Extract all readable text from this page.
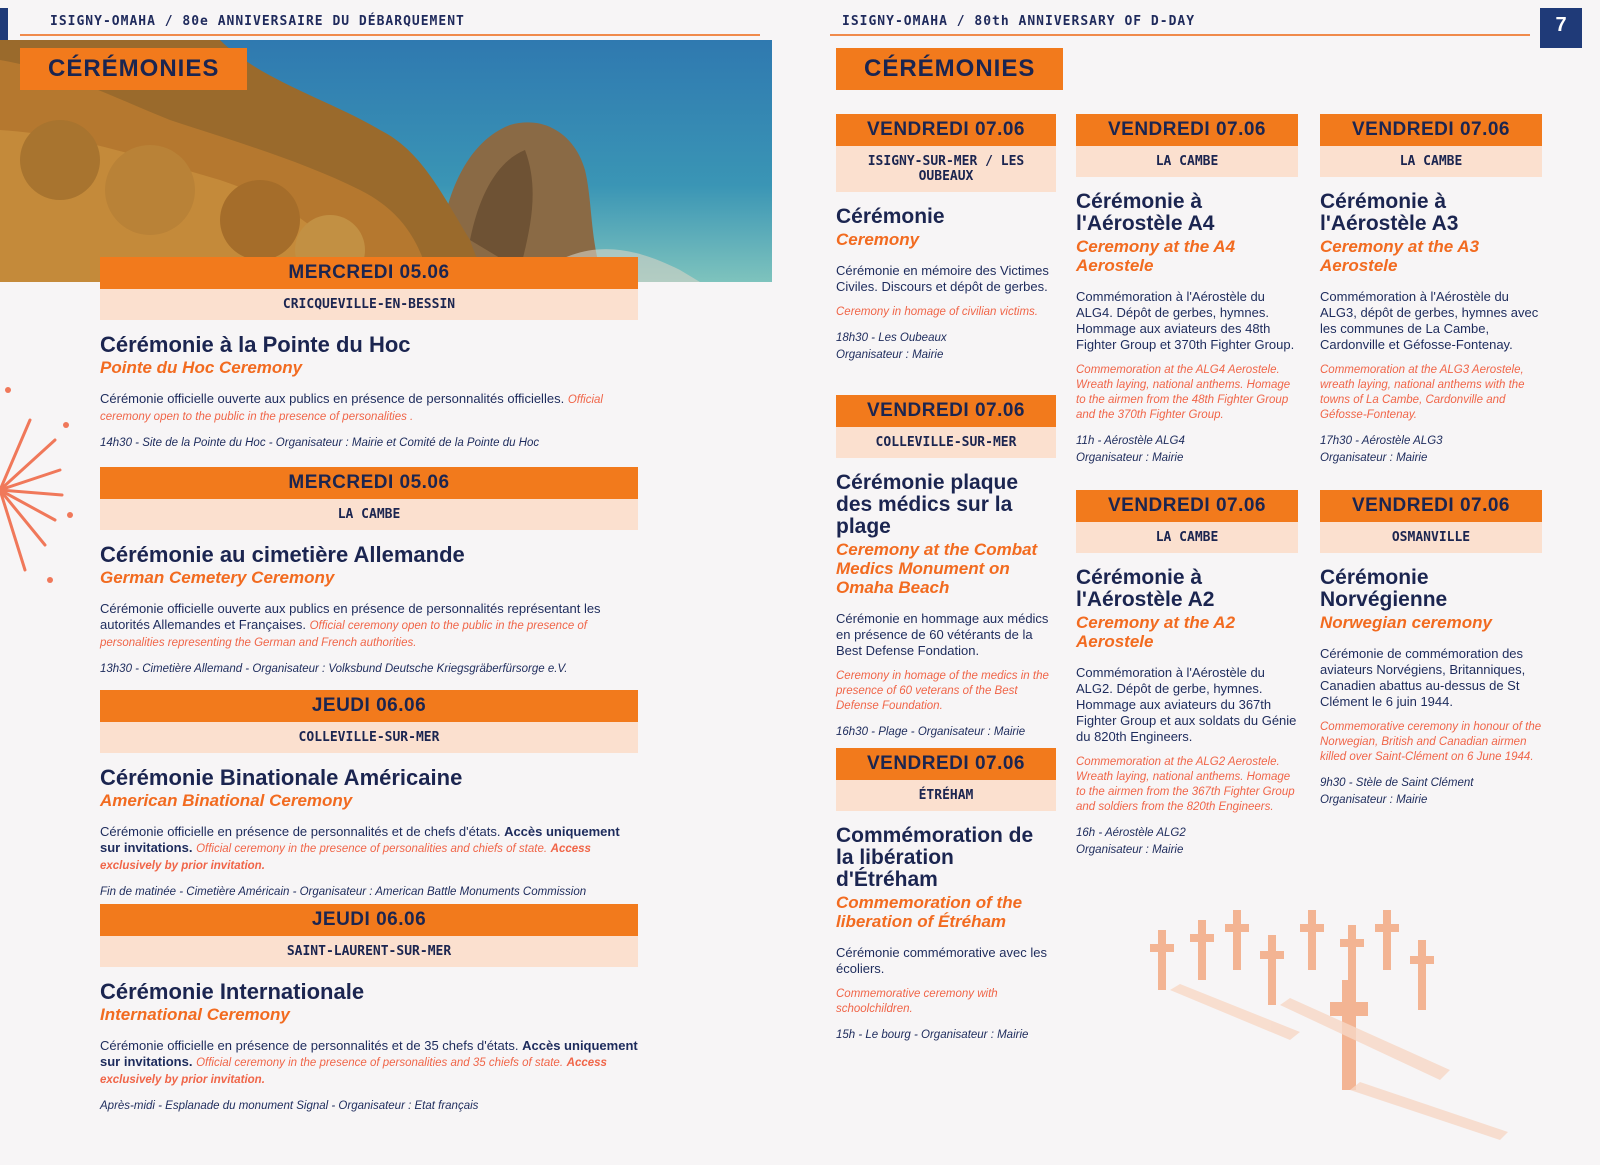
ISIGNY-OMAHA / 80e ANNIVERSAIRE DU DÉBARQUEMENT	ISIGNY-OMAHA / 80th ANNIVERSARY OF D-DAY	7
CÉRÉMONIES	CÉRÉMONIES
MERCREDI 05.06
CRICQUEVILLE-EN-BESSIN
Cérémonie à la Pointe du Hoc
Pointe du Hoc Ceremony
Cérémonie officielle ouverte aux publics en présence de personnalités officielles. Official ceremony open to the public in the presence of personalities .
14h30 - Site de la Pointe du Hoc - Organisateur : Mairie et Comité de la Pointe du Hoc
MERCREDI 05.06
LA CAMBE
Cérémonie au cimetière Allemande
German Cemetery Ceremony
Cérémonie officielle ouverte aux publics en présence de personnalités représentant les autorités Allemandes et Françaises. Official ceremony open to the public in the presence of personalities representing the German and French authorities.
13h30 - Cimetière Allemand - Organisateur : Volksbund Deutsche Kriegsgräberfürsorge e.V.
JEUDI 06.06
COLLEVILLE-SUR-MER
Cérémonie Binationale Américaine
American Binational Ceremony
Cérémonie officielle en présence de personnalités et de chefs d'états. Accès uniquement sur invitations. Official ceremony in the presence of personalities and chiefs of state. Access exclusively by prior invitation.
Fin de matinée - Cimetière Américain - Organisateur : American Battle Monuments Commission
JEUDI 06.06
SAINT-LAURENT-SUR-MER
Cérémonie Internationale
International Ceremony
Cérémonie officielle en présence de personnalités et de 35 chefs d'états. Accès uniquement sur invitations. Official ceremony in the presence of personalities and 35 chiefs of state. Access exclusively by prior invitation.
Après-midi - Esplanade du monument Signal - Organisateur : Etat français
VENDREDI 07.06
ISIGNY-SUR-MER / LES OUBEAUX
Cérémonie
Ceremony
Cérémonie en mémoire des Victimes Civiles. Discours et dépôt de gerbes.
Ceremony in homage of civilian victims.
18h30 - Les Oubeaux
Organisateur : Mairie
VENDREDI 07.06
COLLEVILLE-SUR-MER
Cérémonie plaque des médics sur la plage
Ceremony at the Combat Medics Monument on Omaha Beach
Cérémonie en hommage aux médics en présence de 60 vétérants de la Best Defense Fondation.
Ceremony in homage of the medics in the presence of 60 veterans of the Best Defense Foundation.
16h30 - Plage - Organisateur : Mairie
VENDREDI 07.06
ÉTRÉHAM
Commémoration de la libération d'Étréham
Commemoration of the liberation of Étréham
Cérémonie commémorative avec les écoliers.
Commemorative ceremony with schoolchildren.
15h - Le bourg - Organisateur : Mairie
VENDREDI 07.06
LA CAMBE
Cérémonie à l'Aérostèle A4
Ceremony at the A4 Aerostele
Commémoration à l'Aérostèle du ALG4. Dépôt de gerbes, hymnes. Hommage aux aviateurs des 48th Fighter Group et 370th Fighter Group.
Commemoration at the ALG4 Aerostele. Wreath laying, national anthems. Homage to the airmen from the 48th Fighter Group and the 370th Fighter Group.
11h - Aérostèle ALG4
Organisateur : Mairie
VENDREDI 07.06
LA CAMBE
Cérémonie à l'Aérostèle A2
Ceremony at the A2 Aerostele
Commémoration à l'Aérostèle du ALG2. Dépôt de gerbe, hymnes. Hommage aux aviateurs du 367th Fighter Group et aux soldats du Génie du 820th Engineers.
Commemoration at the ALG2 Aerostele. Wreath laying, national anthems. Homage to the airmen from the 367th Fighter Group and soldiers from the 820th Engineers.
16h - Aérostèle ALG2
Organisateur : Mairie
VENDREDI 07.06
LA CAMBE
Cérémonie à l'Aérostèle A3
Ceremony at the A3 Aerostele
Commémoration à l'Aérostèle du ALG3, dépôt de gerbes, hymnes avec les communes de La Cambe, Cardonville et Géfosse-Fontenay.
Commemoration at the ALG3 Aerostele, wreath laying, national anthems with the towns of La Cambe, Cardonville and Géfosse-Fontenay.
17h30 - Aérostèle ALG3
Organisateur : Mairie
VENDREDI 07.06
OSMANVILLE
Cérémonie Norvégienne
Norwegian ceremony
Cérémonie de commémoration des aviateurs Norvégiens, Britanniques, Canadien abattus au-dessus de St Clément le 6 juin 1944.
Commemorative ceremony in honour of the Norwegian, British and Canadian airmen killed over Saint-Clément on 6 June 1944.
9h30 - Stèle de Saint Clément
Organisateur : Mairie
